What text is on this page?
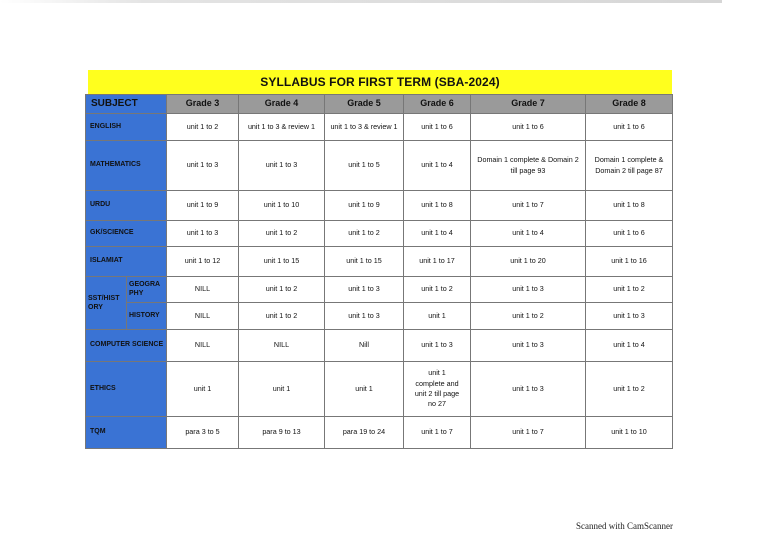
SYLLABUS FOR FIRST TERM (SBA-2024)
SUBJECT		Grade 3	Grade 4	Grade 5	Grade 6	Grade 7	Grade 8
ENGLISH		unit 1 to 2	unit 1 to 3 & review 1	unit 1 to 3 & review 1	unit 1 to 6	unit 1 to 6	unit 1 to 6
MATHEMATICS		unit 1 to 3	unit 1 to 3	unit 1 to 5	unit 1 to 4	Domain 1 complete & Domain 2 till page 93	Domain 1 complete & Domain 2 till page 87
URDU		unit 1 to 9	unit 1 to 10	unit 1 to 9	unit 1 to 8	unit 1 to 7	unit 1 to 8
GK/SCIENCE		unit 1 to 3	unit 1 to 2	unit 1 to 2	unit 1 to 4	unit 1 to 4	unit 1 to 6
ISLAMIAT		unit 1 to 12	unit 1 to 15	unit 1 to 15	unit 1 to 17	unit 1 to 20	unit 1 to 16
SST/HISTORY	GEOGRAPHY	NILL	unit 1 to 2	unit 1 to 3	unit 1 to 2	unit 1 to 3	unit 1 to 2
	HISTORY	NILL	unit 1 to 2	unit 1 to 3	unit 1	unit 1 to 2	unit 1 to 3
COMPUTER SCIENCE		NILL	NILL	Nill	unit 1 to 3	unit 1 to 3	unit 1 to 4
ETHICS		unit 1	unit 1	unit 1	unit 1 complete and unit 2 till page no 27	unit 1 to 3	unit 1 to 2
TQM		para 3 to 5	para 9 to 13	para 19 to 24	unit 1 to 7	unit 1 to 7	unit 1 to 10
Scanned with CamScanner
